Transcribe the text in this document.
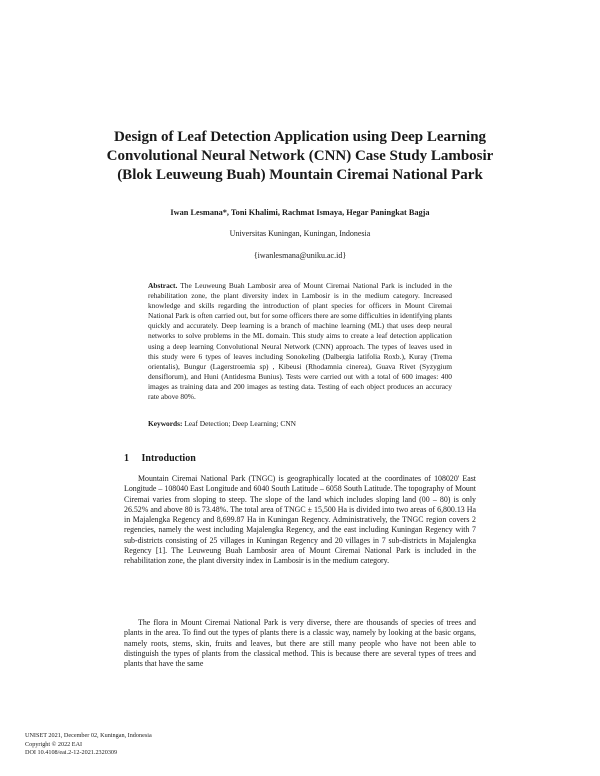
Design of Leaf Detection Application using Deep Learning Convolutional Neural Network (CNN) Case Study Lambosir (Blok Leuweung Buah) Mountain Ciremai National Park
Iwan Lesmana*, Toni Khalimi, Rachmat Ismaya, Hegar Paningkat Bagja
Universitas Kuningan, Kuningan, Indonesia
{iwanlesmana@uniku.ac.id}
Abstract. The Leuweung Buah Lambosir area of Mount Ciremai National Park is included in the rehabilitation zone, the plant diversity index in Lambosir is in the medium category. Increased knowledge and skills regarding the introduction of plant species for officers in Mount Ciremai National Park is often carried out, but for some officers there are some difficulties in identifying plants quickly and accurately. Deep learning is a branch of machine learning (ML) that uses deep neural networks to solve problems in the ML domain. This study aims to create a leaf detection application using a deep learning Convolutional Neural Network (CNN) approach. The types of leaves used in this study were 6 types of leaves including Sonokeling (Dalbergia latifolia Roxb.), Kuray (Trema orientalis), Bungur (Lagerstroemia sp) , Kibeusi (Rhodamnia cinerea), Guava Rivet (Syzygium densiflorum), and Huni (Antidesma Bunius). Tests were carried out with a total of 600 images: 400 images as training data and 200 images as testing data. Testing of each object produces an accuracy rate above 80%.
Keywords: Leaf Detection; Deep Learning; CNN
1 Introduction
Mountain Ciremai National Park (TNGC) is geographically located at the coordinates of 108020' East Longitude – 108040 East Longitude and 6040 South Latitude – 6058 South Latitude. The topography of Mount Ciremai varies from sloping to steep. The slope of the land which includes sloping land (00 – 80) is only 26.52% and above 80 is 73.48%. The total area of TNGC ± 15,500 Ha is divided into two areas of 6,800.13 Ha in Majalengka Regency and 8,699.87 Ha in Kuningan Regency. Administratively, the TNGC region covers 2 regencies, namely the west including Majalengka Regency, and the east including Kuningan Regency with 7 sub-districts consisting of 25 villages in Kuningan Regency and 20 villages in 7 sub-districts in Majalengka Regency [1]. The Leuweung Buah Lambosir area of Mount Ciremai National Park is included in the rehabilitation zone, the plant diversity index in Lambosir is in the medium category.
The flora in Mount Ciremai National Park is very diverse, there are thousands of species of trees and plants in the area. To find out the types of plants there is a classic way, namely by looking at the basic organs, namely roots, stems, skin, fruits and leaves, but there are still many people who have not been able to distinguish the types of plants from the classical method. This is because there are several types of trees and plants that have the same
UNISET 2021, December 02, Kuningan, Indonesia
Copyright © 2022 EAI
DOI 10.4108/eai.2-12-2021.2320309
